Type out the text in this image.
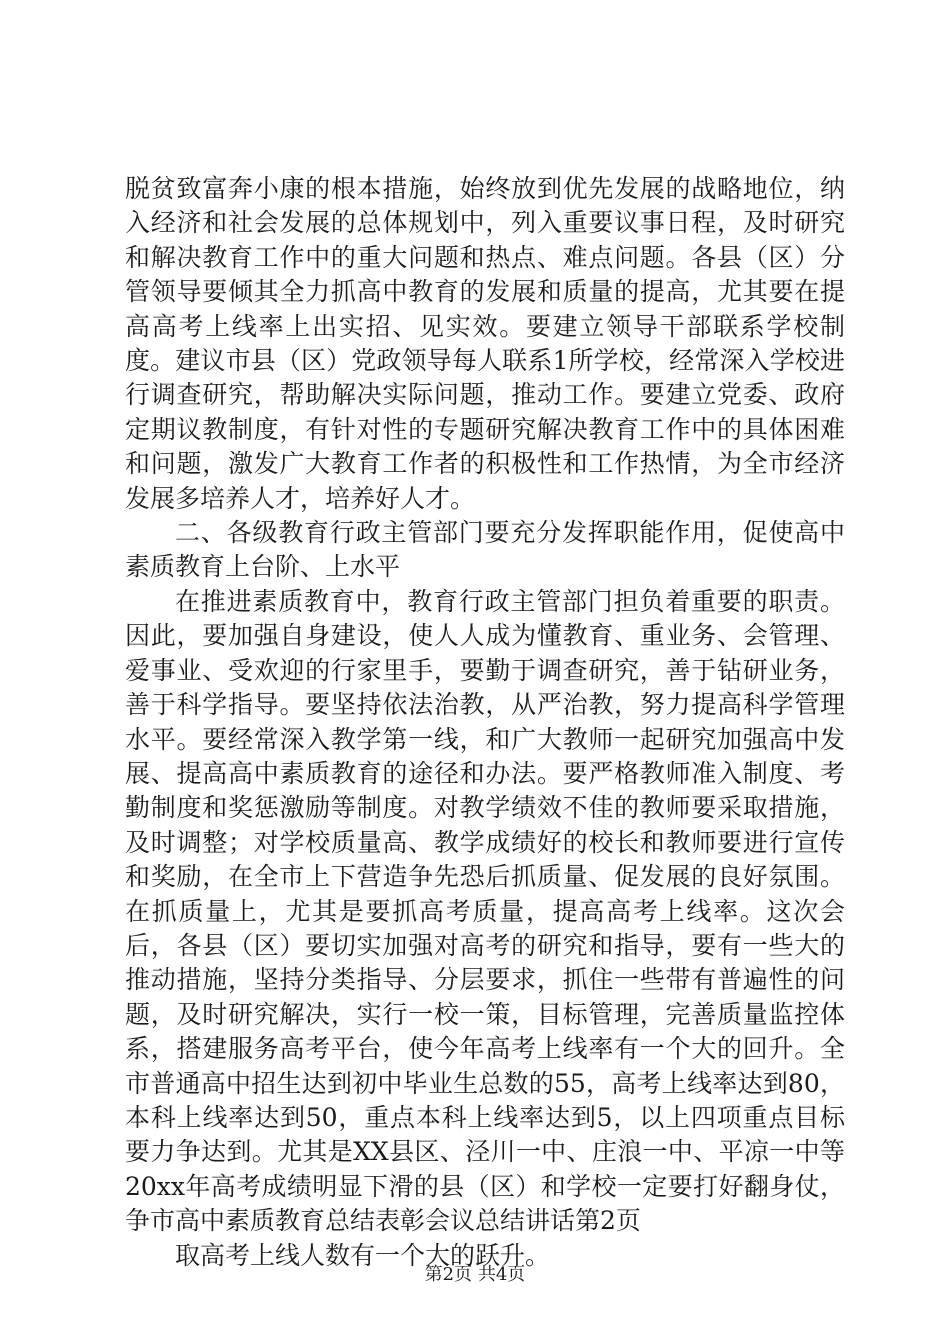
脱贫致富奔小康的根本措施，始终放到优先发展的战略地位，纳入经济和社会发展的总体规划中，列入重要议事日程，及时研究和解决教育工作中的重大问题和热点、难点问题。各县（区）分管领导要倾其全力抓高中教育的发展和质量的提高，尤其要在提高高考上线率上出实招、见实效。要建立领导干部联系学校制度。建议市县（区）党政领导每人联系1所学校，经常深入学校进行调查研究，帮助解决实际问题，推动工作。要建立党委、政府定期议教制度，有针对性的专题研究解决教育工作中的具体困难和问题，激发广大教育工作者的积极性和工作热情，为全市经济发展多培养人才，培养好人才。

二、各级教育行政主管部门要充分发挥职能作用，促使高中素质教育上台阶、上水平

在推进素质教育中，教育行政主管部门担负着重要的职责。因此，要加强自身建设，使人人成为懂教育、重业务、会管理、爱事业、受欢迎的行家里手，要勤于调查研究，善于钻研业务，善于科学指导。要坚持依法治教，从严治教，努力提高科学管理水平。要经常深入教学第一线，和广大教师一起研究加强高中发展、提高高中素质教育的途径和办法。要严格教师准入制度、考勤制度和奖惩激励等制度。对教学绩效不佳的教师要采取措施，及时调整；对学校质量高、教学成绩好的校长和教师要进行宣传和奖励，在全市上下营造争先恐后抓质量、促发展的良好氛围。在抓质量上，尤其是要抓高考质量，提高高考上线率。这次会后，各县（区）要切实加强对高考的研究和指导，要有一些大的推动措施，坚持分类指导、分层要求，抓住一些带有普遍性的问题，及时研究解决，实行一校一策，目标管理，完善质量监控体系，搭建服务高考平台，使今年高考上线率有一个大的回升。全市普通高中招生达到初中毕业生总数的55，高考上线率达到80，本科上线率达到50，重点本科上线率达到5，以上四项重点目标要力争达到。尤其是XX县区、泾川一中、庄浪一中、平凉一中等20xx年高考成绩明显下滑的县（区）和学校一定要打好翻身仗，争市高中素质教育总结表彰会议总结讲话第2页

取高考上线人数有一个大的跃升。

第2页 共4页
